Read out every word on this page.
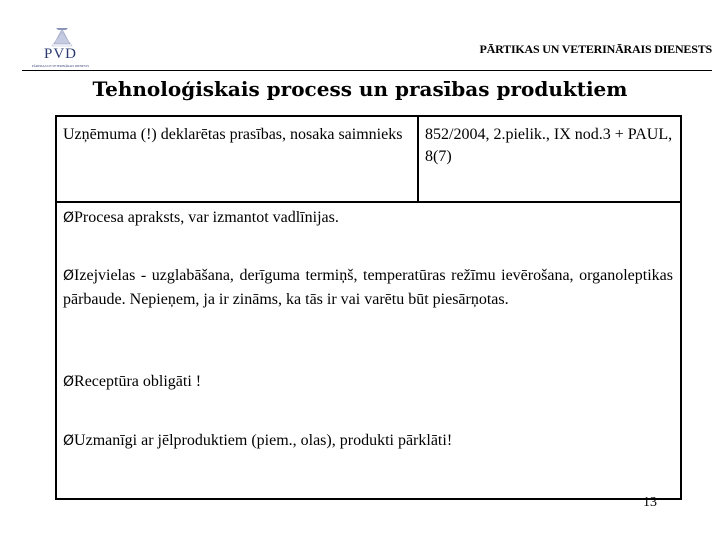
PVD
PĀRTIKAS UN VETERINĀRAIS DIENESTS
PĀRTIKAS UN VETERINĀRAIS DIENESTS
Tehnoloģiskais process un prasības produktiem
Uzņēmuma (!) deklarētas prasības, nosaka saimnieks	852/2004, 2.pielik., IX nod.3 + PAUL, 8(7)
ØProcesa apraksts, var izmantot vadlīnijas.
ØIzejvielas - uzglabāšana, derīguma termiņš, temperatūras režīmu ievērošana, organoleptikas pārbaude. Nepieņem, ja ir zināms, ka tās ir vai varētu būt piesārņotas.
ØReceptūra obligāti !
ØUzmanīgi ar jēlproduktiem (piem., olas), produkti pārklāti!
13
